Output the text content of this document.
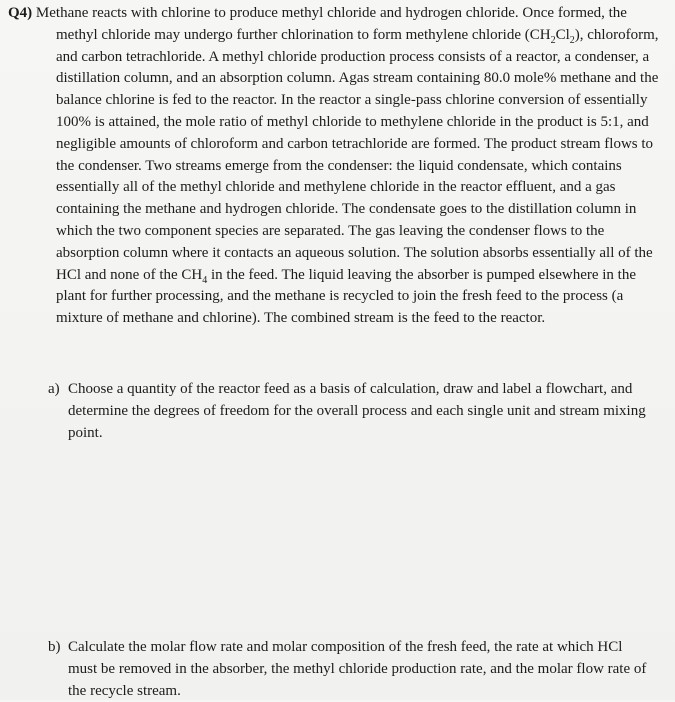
Q4) Methane reacts with chlorine to produce methyl chloride and hydrogen chloride. Once formed, the methyl chloride may undergo further chlorination to form methylene chloride $(CH_2Cl_2)$, chloroform, and carbon tetrachloride. A methyl chloride production process consists of a reactor, a condenser, a distillation column, and an absorption column. Agas stream containing 80.0 mole% methane and the balance chlorine is fed to the reactor. In the reactor a single-pass chlorine conversion of essentially 100% is attained, the mole ratio of methyl chloride to methylene chloride in the product is 5:1, and negligible amounts of chloroform and carbon tetrachloride are formed. The product stream flows to the condenser. Two streams emerge from the condenser: the liquid condensate, which contains essentially all of the methyl chloride and methylene chloride in the reactor effluent, and a gas containing the methane and hydrogen chloride. The condensate goes to the distillation column in which the two component species are separated. The gas leaving the condenser flows to the absorption column where it contacts an aqueous solution. The solution absorbs essentially all of the HCl and none of the $CH_4$ in the feed. The liquid leaving the absorber is pumped elsewhere in the plant for further processing, and the methane is recycled to join the fresh feed to the process (a mixture of methane and chlorine). The combined stream is the feed to the reactor.

a) Choose a quantity of the reactor feed as a basis of calculation, draw and label a flowchart, and determine the degrees of freedom for the overall process and each single unit and stream mixing point.
b) Calculate the molar flow rate and molar composition of the fresh feed, the rate at which HCl must be removed in the absorber, the methyl chloride production rate, and the molar flow rate of the recycle stream.
